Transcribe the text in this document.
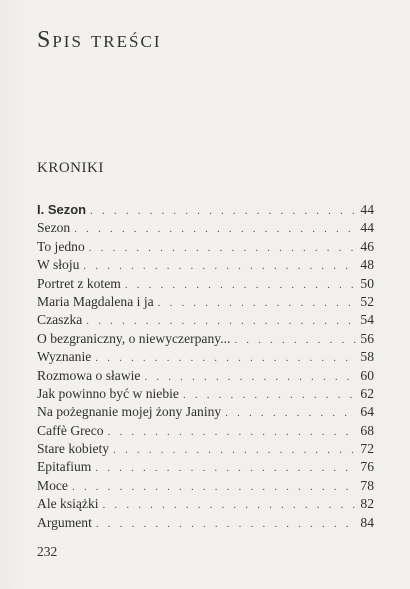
Spis treści
KRONIKI
I. Sezon . . .	44
Sezon . . .	44
To jedno . . .	46
W słoju . . .	48
Portret z kotem . . .	50
Maria Magdalena i ja . . .	52
Czaszka . . .	54
O bezgraniczny, o niewyczerpany... . . .	56
Wyznanie . . .	58
Rozmowa o sławie . . .	60
Jak powinno być w niebie . . .	62
Na pożegnanie mojej żony Janiny . . .	64
Caffè Greco . . .	68
Stare kobiety . . .	72
Epitafium . . .	76
Moce . . .	78
Ale książki . . .	82
Argument . . .	84
232
